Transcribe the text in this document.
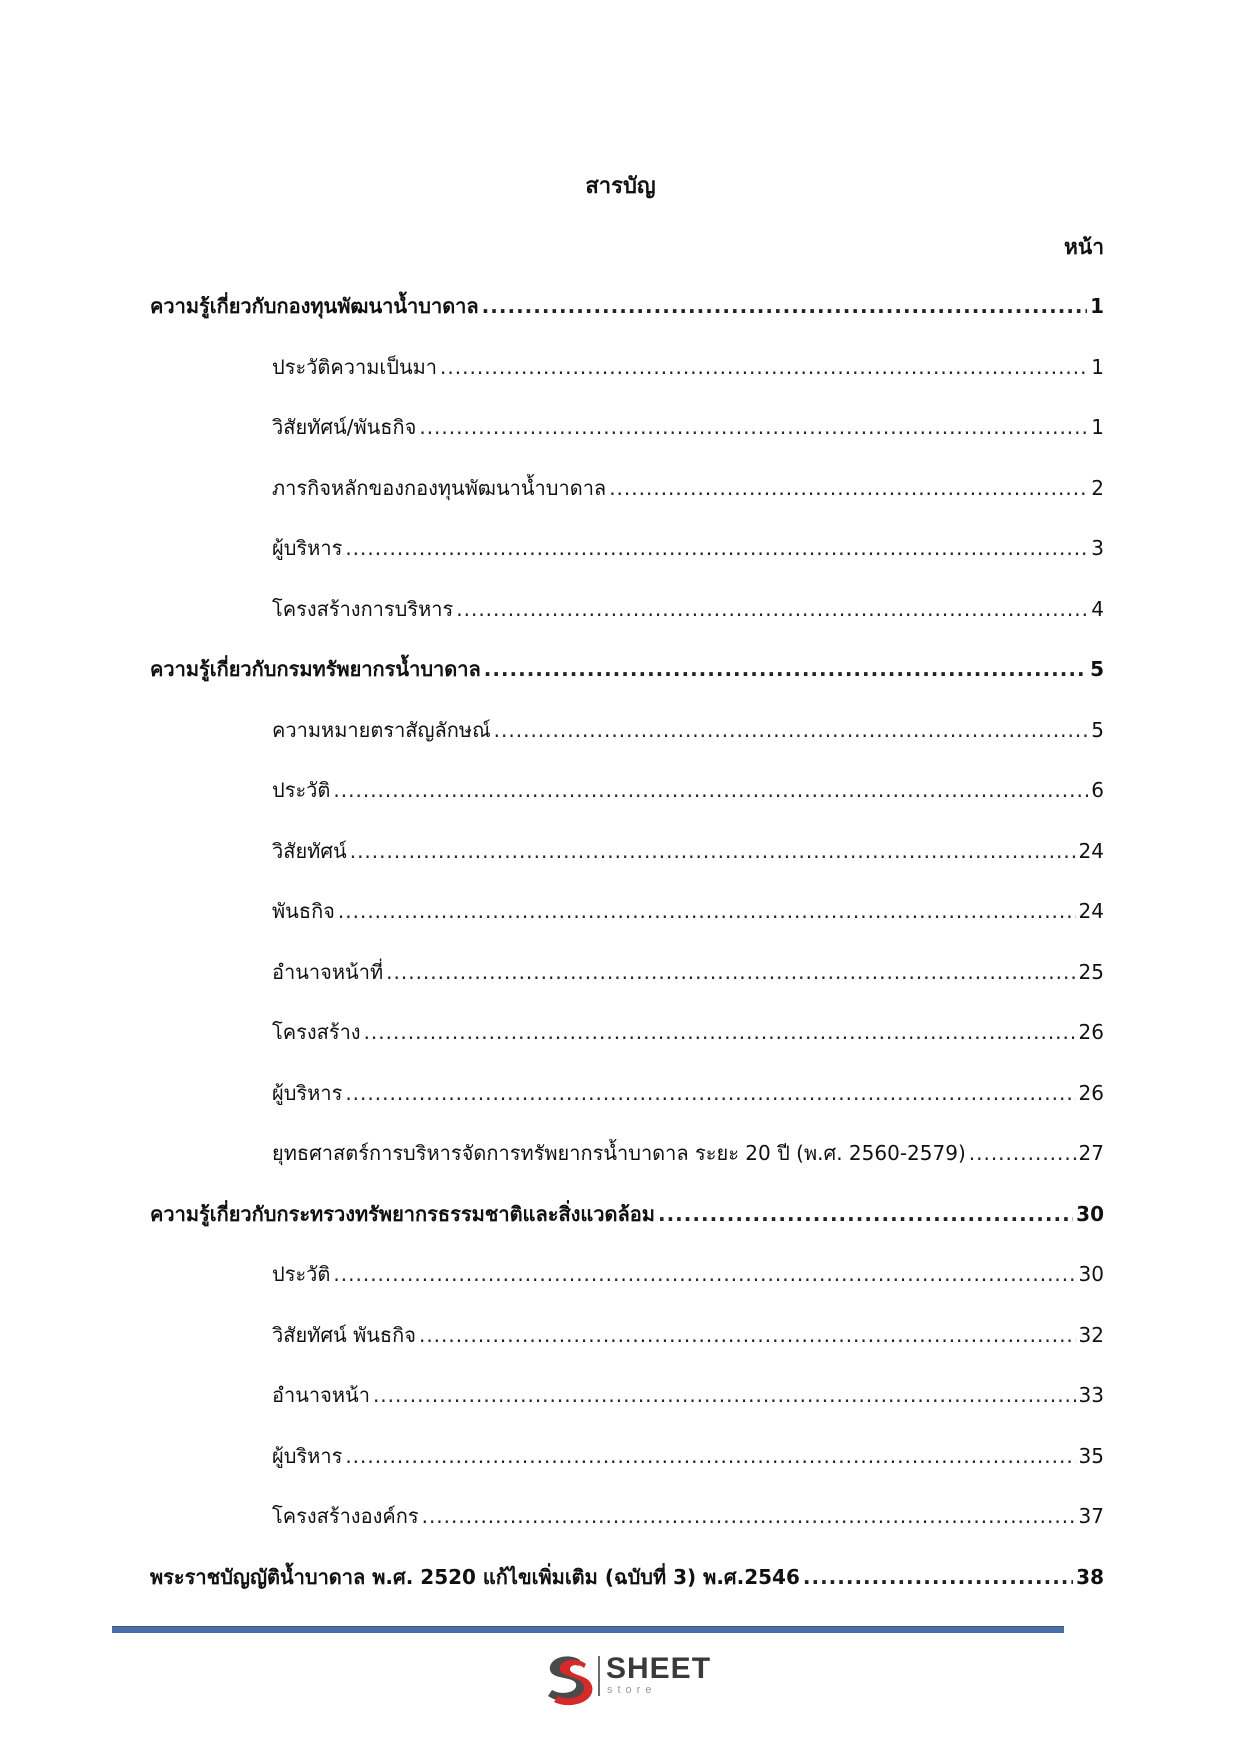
สารบัญ
หน้า
ความรู้เกี่ยวกับกองทุนพัฒนาน้ำบาดาล .....	1
ประวัติความเป็นมา .....	1
วิสัยทัศน์/พันธกิจ .....	1
ภารกิจหลักของกองทุนพัฒนาน้ำบาดาล .....	2
ผู้บริหาร .....	3
โครงสร้างการบริหาร .....	4
ความรู้เกี่ยวกับกรมทรัพยากรน้ำบาดาล .....	5
ความหมายตราสัญลักษณ์ .....	5
ประวัติ .....	6
วิสัยทัศน์ .....	24
พันธกิจ .....	24
อำนาจหน้าที่ .....	25
โครงสร้าง .....	26
ผู้บริหาร .....	26
ยุทธศาสตร์การบริหารจัดการทรัพยากรน้ำบาดาล ระยะ 20 ปี (พ.ศ. 2560-2579) .....	27
ความรู้เกี่ยวกับกระทรวงทรัพยากรธรรมชาติและสิ่งแวดล้อม .....	30
ประวัติ .....	30
วิสัยทัศน์ พันธกิจ .....	32
อำนาจหน้า .....	33
ผู้บริหาร .....	35
โครงสร้างองค์กร .....	37
พระราชบัญญัติน้ำบาดาล พ.ศ. 2520 แก้ไขเพิ่มเติม (ฉบับที่ 3) พ.ศ.2546 .....	38
SHEET
store
